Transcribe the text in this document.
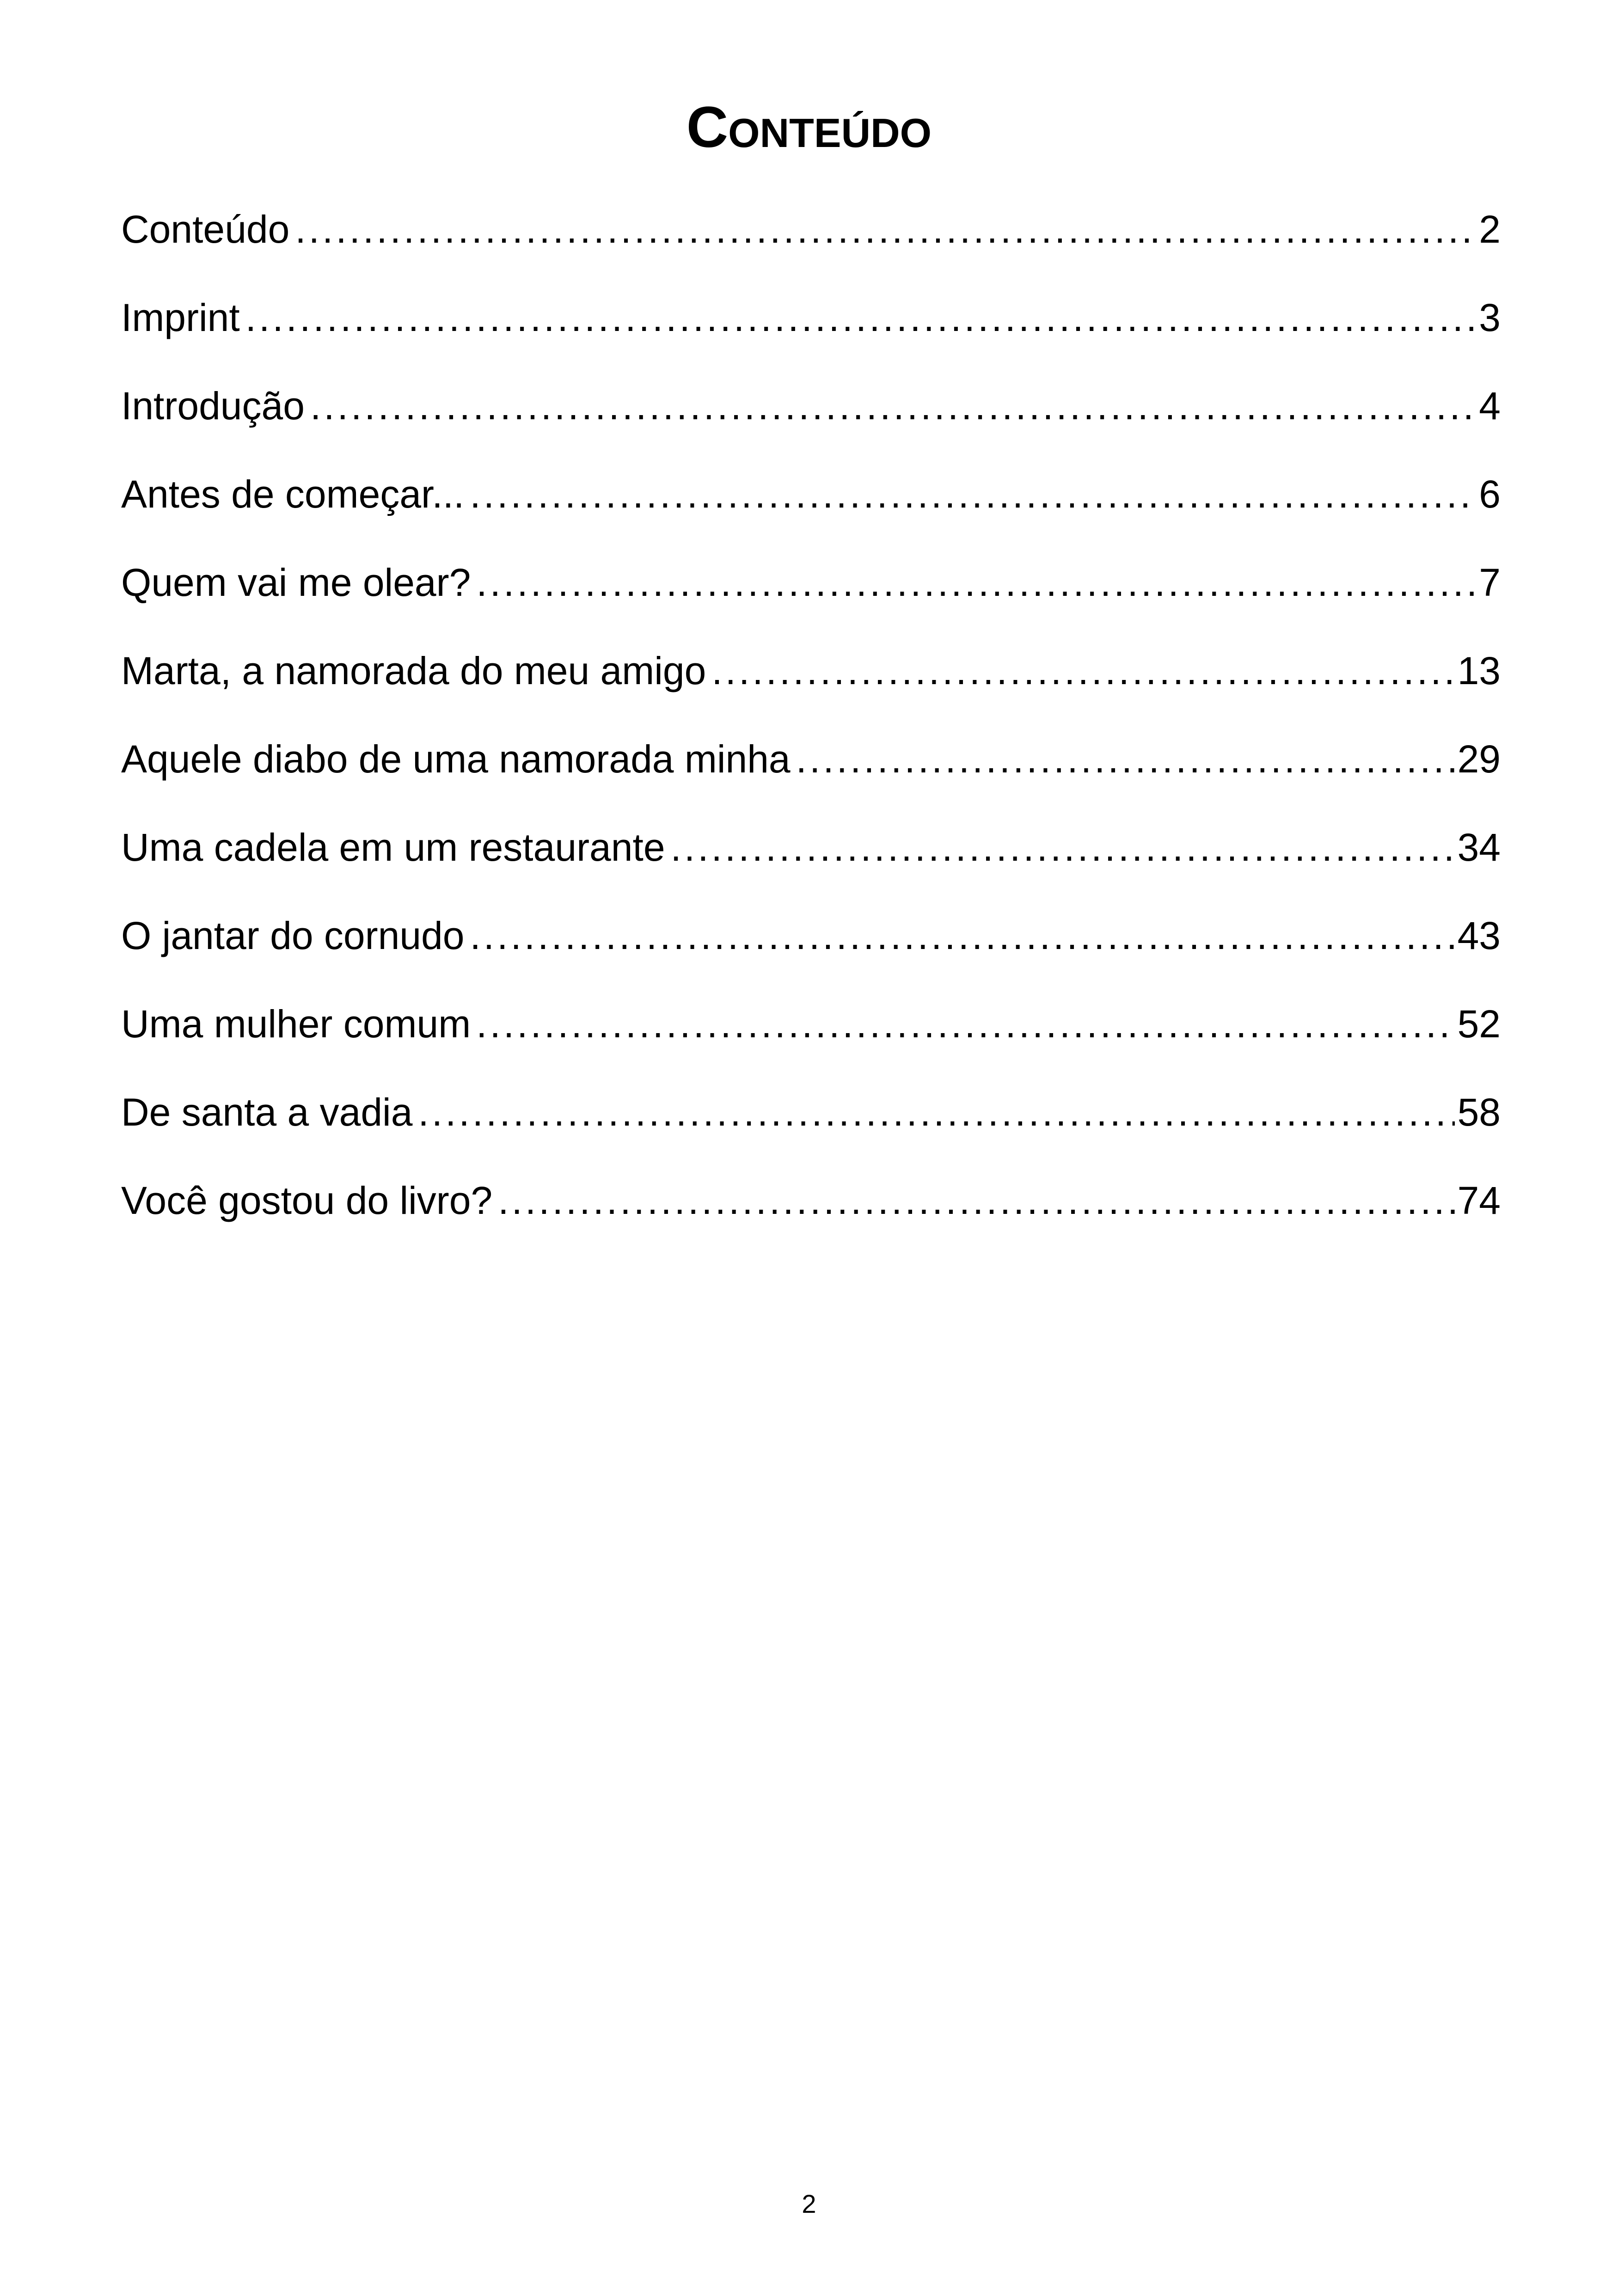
Conteúdo
Conteúdo .....	2
Imprint .....	3
Introdução .....	4
Antes de começar... .....	6
Quem vai me olear? .....	7
Marta, a namorada do meu amigo .....	13
Aquele diabo de uma namorada minha .....	29
Uma cadela em um restaurante .....	34
O jantar do cornudo .....	43
Uma mulher comum .....	52
De santa a vadia .....	58
Você gostou do livro? .....	74
2
